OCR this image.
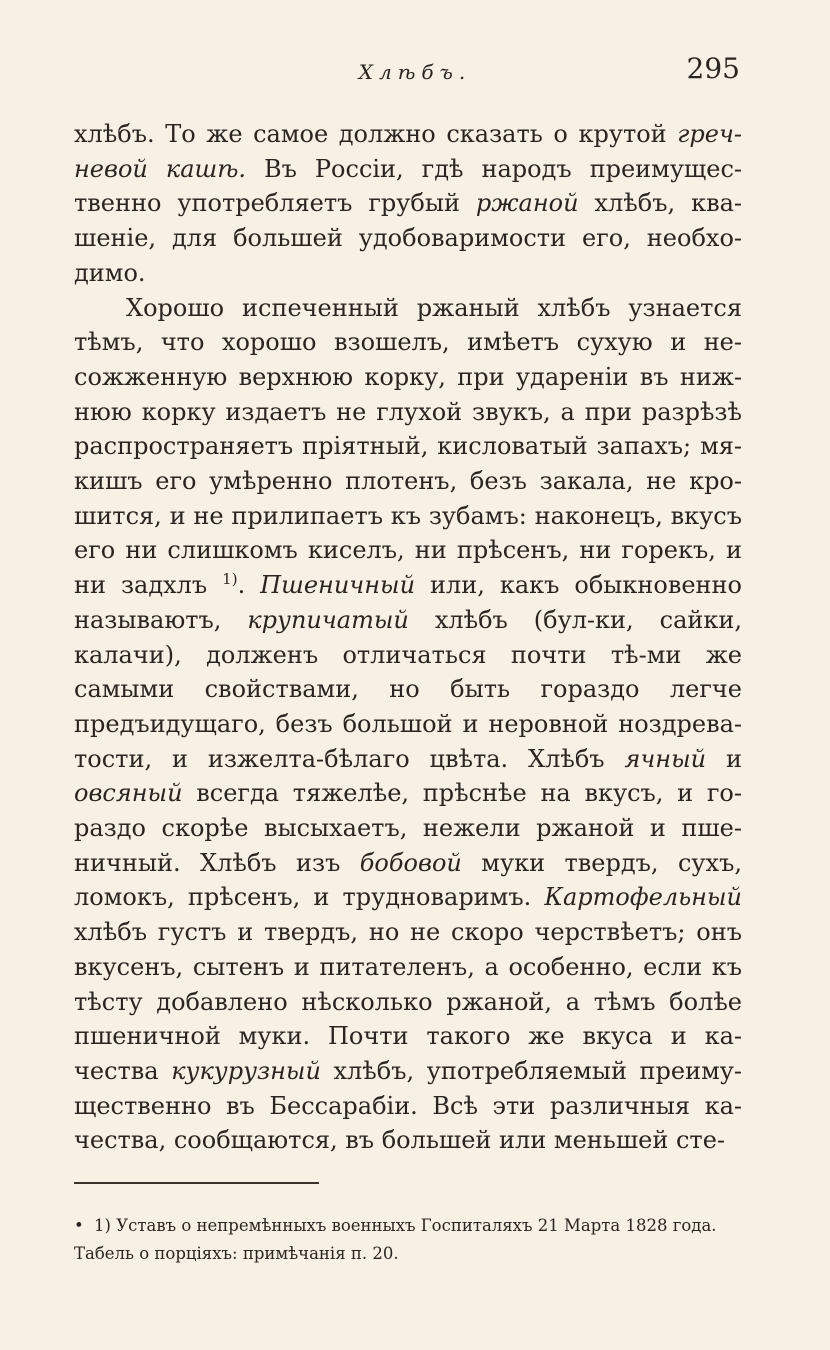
Хлѣбъ.	295

хлѣбъ. То же самое должно сказать о крутой греч-невой кашѣ. Въ Россіи, гдѣ народъ преимущес-твенно употребляетъ грубый ржаной хлѣбъ, ква-шеніе, для большей удобоваримости его, необхо-димо.

Хорошо испеченный ржаный хлѣбъ узнается тѣмъ, что хорошо взошелъ, имѣетъ сухую и не-сожженную верхнюю корку, при удареніи въ ниж-нюю корку издаетъ не глухой звукъ, а при разрѣзѣ распространяетъ пріятный, кисловатый запахъ; мя-кишъ его умѣренно плотенъ, безъ закала, не кро-шится, и не прилипаетъ къ зубамъ: наконецъ, вкусъ его ни слишкомъ киселъ, ни прѣсенъ, ни горекъ, и ни задхлъ $^{1)}$. Пшеничный или, какъ обыкновенно называютъ, крупичатый хлѣбъ (бул-ки, сайки, калачи), долженъ отличаться почти тѣ-ми же самыми свойствами, но быть гораздо легче предъидущаго, безъ большой и неровной ноздрева-тости, и изжелта-бѣлаго цвѣта. Хлѣбъ ячный и овсяный всегда тяжелѣе, прѣснѣе на вкусъ, и го-раздо скорѣе высыхаетъ, нежели ржаной и пше-ничный. Хлѣбъ изъ бобовой муки твердъ, сухъ, ломокъ, прѣсенъ, и трудноваримъ. Картофельный хлѣбъ густъ и твердъ, но не скоро черствѣетъ; онъ вкусенъ, сытенъ и питателенъ, а особенно, если къ тѣсту добавлено нѣсколько ржаной, а тѣмъ болѣе пшеничной муки. Почти такого же вкуса и ка-чества кукурузный хлѣбъ, употребляемый преиму-щественно въ Бессарабіи. Всѣ эти различныя ка-чества, сообщаются, въ большей или меньшей сте-

• 1) Уставъ о непремѣнныхъ военныхъ Госпиталяхъ 21 Марта 1828 года. Табель о порціяхъ: примѣчанія п. 20.
